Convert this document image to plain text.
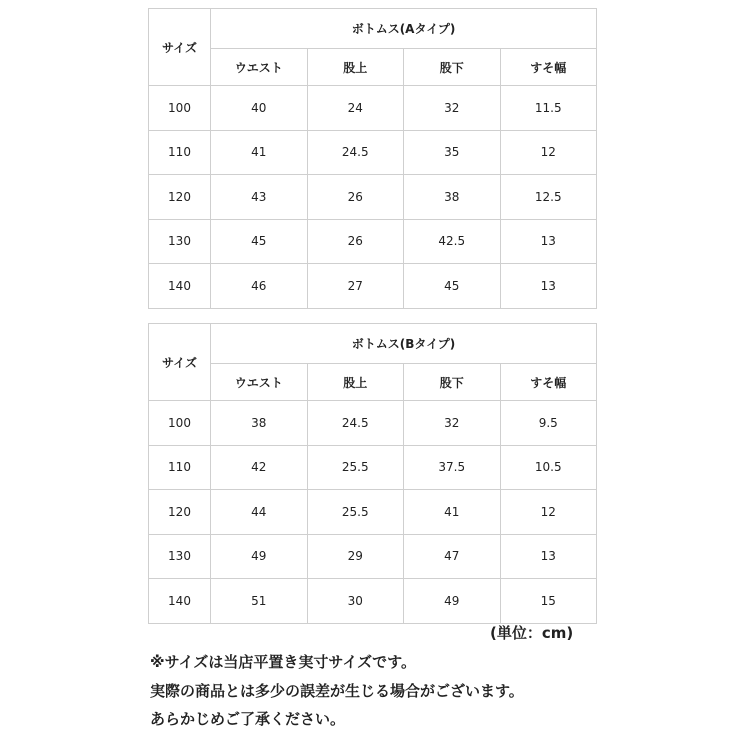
サイズ	ボトムス(Aタイプ)			
	ウエスト	股上	股下	すそ幅
100	40	24	32	11.5
110	41	24.5	35	12
120	43	26	38	12.5
130	45	26	42.5	13
140	46	27	45	13
サイズ	ボトムス(Bタイプ)			
	ウエスト	股上	股下	すそ幅
100	38	24.5	32	9.5
110	42	25.5	37.5	10.5
120	44	25.5	41	12
130	49	29	47	13
140	51	30	49	15
(単位：cm)

※サイズは当店平置き実寸サイズです。

実際の商品とは多少の誤差が生じる場合がございます。

あらかじめご了承ください。
